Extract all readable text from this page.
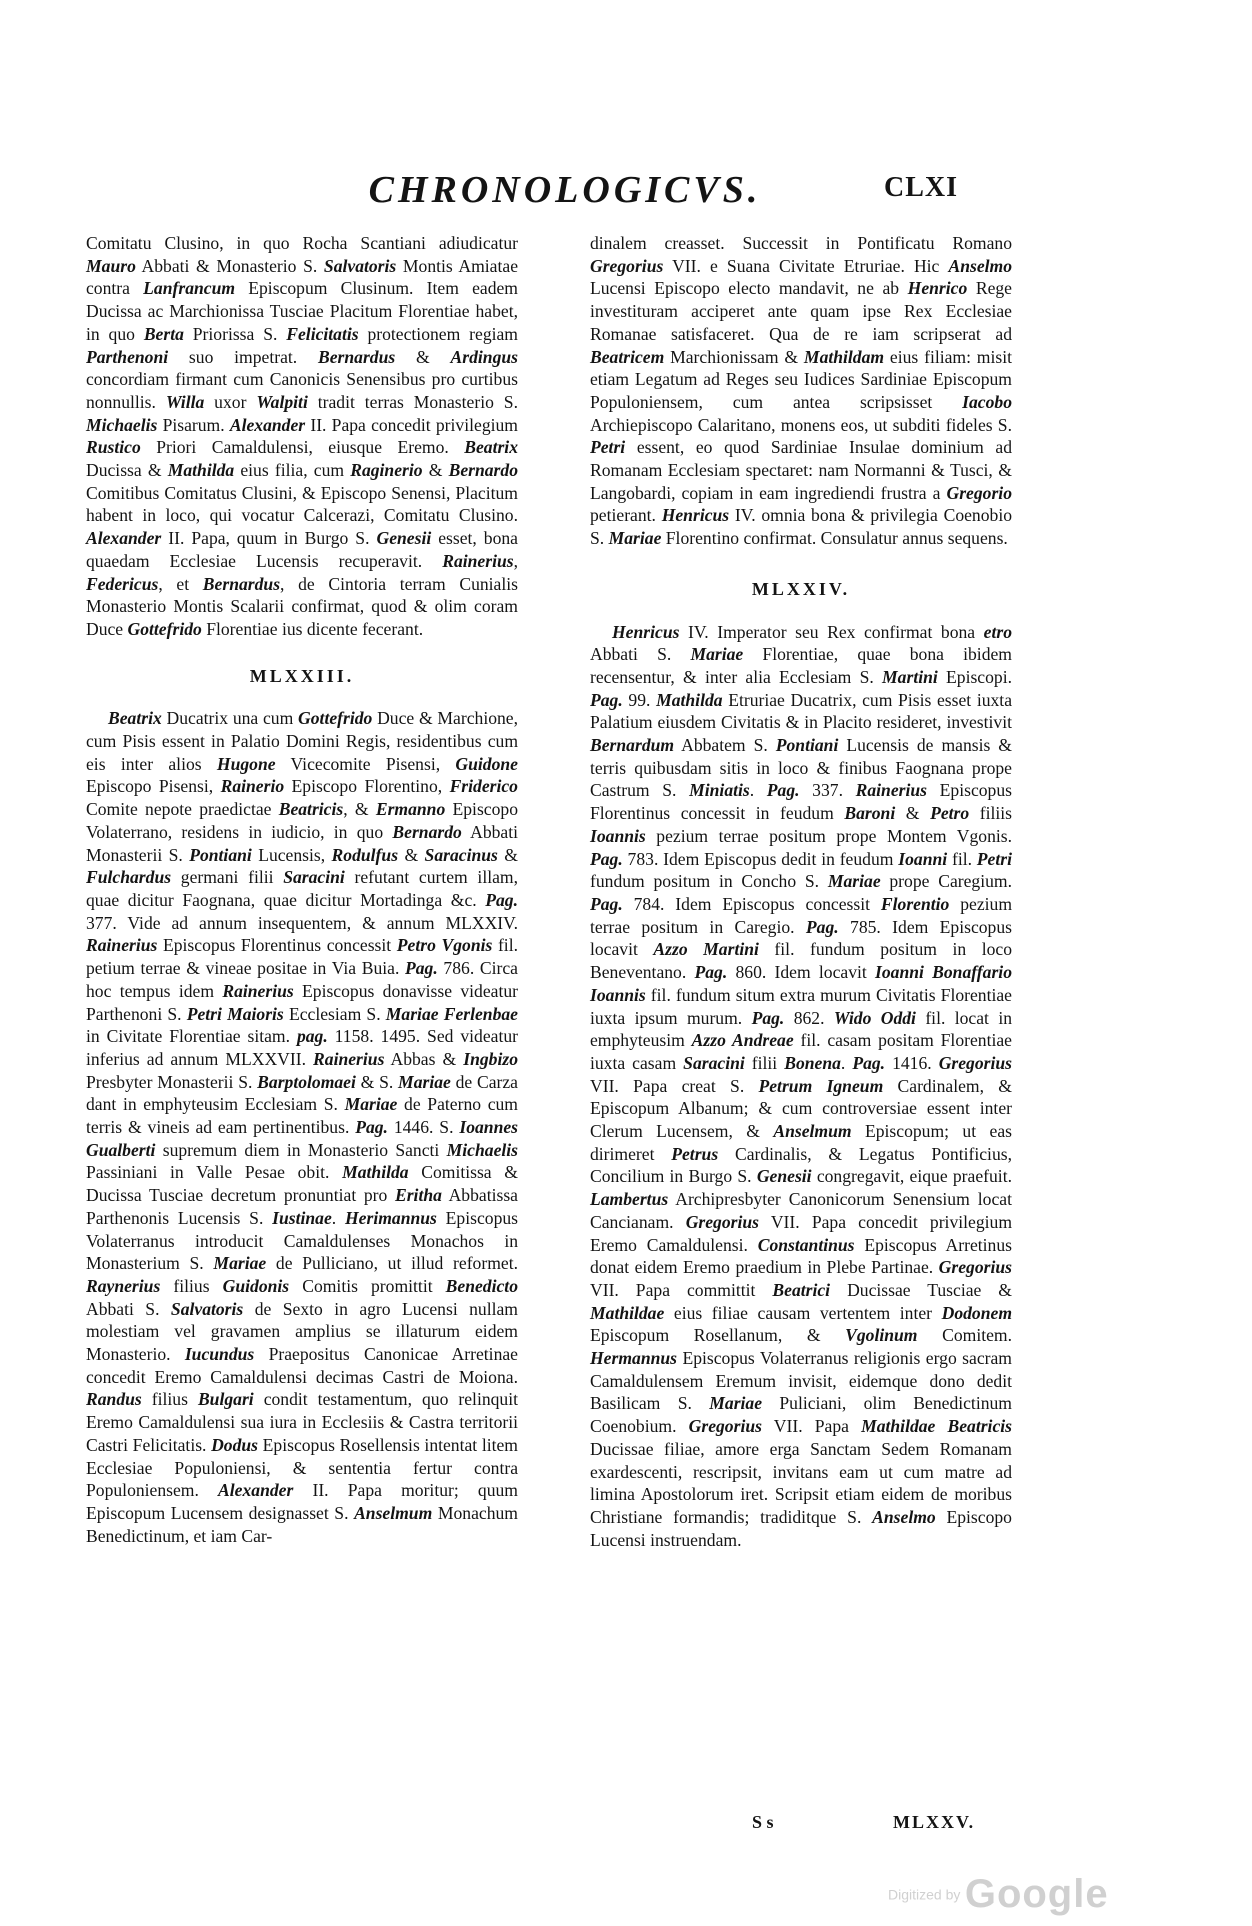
CHRONOLOGICVS.	CLXI

Comitatu Clusino, in quo Rocha Scantiani adiudicatur Mauro Abbati & Monasterio S. Salvatoris Montis Amiatae contra Lanfrancum Episcopum Clusinum. Item eadem Ducissa ac Marchionissa Tusciae Placitum Florentiae habet, in quo Berta Priorissa S. Felicitatis protectionem regiam Parthenoni suo impetrat. Bernardus & Ardingus concordiam firmant cum Canonicis Senensibus pro curtibus nonnullis. Willa uxor Walpiti tradit terras Monasterio S. Michaelis Pisarum. Alexander II. Papa concedit privilegium Rustico Priori Camaldulensi, eiusque Eremo. Beatrix Ducissa & Mathilda eius filia, cum Raginerio & Bernardo Comitibus Comitatus Clusini, & Episcopo Senensi, Placitum habent in loco, qui vocatur Calcerazi, Comitatu Clusino. Alexander II. Papa, quum in Burgo S. Genesii esset, bona quaedam Ecclesiae Lucensis recuperavit. Rainerius, Federicus, et Bernardus, de Cintoria terram Cunialis Monasterio Montis Scalarii confirmat, quod & olim coram Duce Gottefrido Florentiae ius dicente fecerant.

MLXXIII.

Beatrix Ducatrix una cum Gottefrido Duce & Marchione, cum Pisis essent in Palatio Domini Regis, residentibus cum eis inter alios Hugone Vicecomite Pisensi, Guidone Episcopo Pisensi, Rainerio Episcopo Florentino, Friderico Comite nepote praedictae Beatricis, & Ermanno Episcopo Volaterrano, residens in iudicio, in quo Bernardo Abbati Monasterii S. Pontiani Lucensis, Rodulfus & Saracinus & Fulchardus germani filii Saracini refutant curtem illam, quae dicitur Faognana, quae dicitur Mortadinga &c. Pag. 377. Vide ad annum insequentem, & annum MLXXIV. Rainerius Episcopus Florentinus concessit Petro Vgonis fil. petium terrae & vineae positae in Via Buia. Pag. 786. Circa hoc tempus idem Rainerius Episcopus donavisse videatur Parthenoni S. Petri Maioris Ecclesiam S. Mariae Ferlenbae in Civitate Florentiae sitam. pag. 1158. 1495. Sed videatur inferius ad annum MLXXVII. Rainerius Abbas & Ingbizo Presbyter Monasterii S. Barptolomaei & S. Mariae de Carza dant in emphyteusim Ecclesiam S. Mariae de Paterno cum terris & vineis ad eam pertinentibus. Pag. 1446. S. Ioannes Gualberti supremum diem in Monasterio Sancti Michaelis Passiniani in Valle Pesae obit. Mathilda Comitissa & Ducissa Tusciae decretum pronuntiat pro Eritha Abbatissa Parthenonis Lucensis S. Iustinae. Herimannus Episcopus Volaterranus introducit Camaldulenses Monachos in Monasterium S. Mariae de Pulliciano, ut illud reformet. Raynerius filius Guidonis Comitis promittit Benedicto Abbati S. Salvatoris de Sexto in agro Lucensi nullam molestiam vel gravamen amplius se illaturum eidem Monasterio. Iucundus Praepositus Canonicae Arretinae concedit Eremo Camaldulensi decimas Castri de Moiona. Randus filius Bulgari condit testamentum, quo relinquit Eremo Camaldulensi sua iura in Ecclesiis & Castra territorii Castri Felicitatis. Dodus Episcopus Rosellensis intentat litem Ecclesiae Populoniensi, & sententia fertur contra Populoniensem. Alexander II. Papa moritur; quum Episcopum Lucensem designasset S. Anselmum Monachum Benedictinum, et iam Car-

dinalem creasset. Successit in Pontificatu Romano Gregorius VII. e Suana Civitate Etruriae. Hic Anselmo Lucensi Episcopo electo mandavit, ne ab Henrico Rege investituram acciperet ante quam ipse Rex Ecclesiae Romanae satisfaceret. Qua de re iam scripserat ad Beatricem Marchionissam & Mathildam eius filiam: misit etiam Legatum ad Reges seu Iudices Sardiniae Episcopum Populoniensem, cum antea scripsisset Iacobo Archiepiscopo Calaritano, monens eos, ut subditi fideles S. Petri essent, eo quod Sardiniae Insulae dominium ad Romanam Ecclesiam spectaret: nam Normanni & Tusci, & Langobardi, copiam in eam ingrediendi frustra a Gregorio petierant. Henricus IV. omnia bona & privilegia Coenobio S. Mariae Florentino confirmat. Consulatur annus sequens.

MLXXIV.

Henricus IV. Imperator seu Rex confirmat bona etro Abbati S. Mariae Florentiae, quae bona ibidem recensentur, & inter alia Ecclesiam S. Martini Episcopi. Pag. 99. Mathilda Etruriae Ducatrix, cum Pisis esset iuxta Palatium eiusdem Civitatis & in Placito resideret, investivit Bernardum Abbatem S. Pontiani Lucensis de mansis & terris quibusdam sitis in loco & finibus Faognana prope Castrum S. Miniatis. Pag. 337. Rainerius Episcopus Florentinus concessit in feudum Baroni & Petro filiis Ioannis pezium terrae positum prope Montem Vgonis. Pag. 783. Idem Episcopus dedit in feudum Ioanni fil. Petri fundum positum in Concho S. Mariae prope Caregium. Pag. 784. Idem Episcopus concessit Florentio pezium terrae positum in Caregio. Pag. 785. Idem Episcopus locavit Azzo Martini fil. fundum positum in loco Beneventano. Pag. 860. Idem locavit Ioanni Bonaffario Ioannis fil. fundum situm extra murum Civitatis Florentiae iuxta ipsum murum. Pag. 862. Wido Oddi fil. locat in emphyteusim Azzo Andreae fil. casam positam Florentiae iuxta casam Saracini filii Bonena. Pag. 1416. Gregorius VII. Papa creat S. Petrum Igneum Cardinalem, & Episcopum Albanum; & cum controversiae essent inter Clerum Lucensem, & Anselmum Episcopum; ut eas dirimeret Petrus Cardinalis, & Legatus Pontificius, Concilium in Burgo S. Genesii congregavit, eique praefuit. Lambertus Archipresbyter Canonicorum Senensium locat Cancianam. Gregorius VII. Papa concedit privilegium Eremo Camaldulensi. Constantinus Episcopus Arretinus donat eidem Eremo praedium in Plebe Partinae. Gregorius VII. Papa committit Beatrici Ducissae Tusciae & Mathildae eius filiae causam vertentem inter Dodonem Episcopum Rosellanum, & Vgolinum Comitem. Hermannus Episcopus Volaterranus religionis ergo sacram Camaldulensem Eremum invisit, eidemque dono dedit Basilicam S. Mariae Puliciani, olim Benedictinum Coenobium. Gregorius VII. Papa Mathildae Beatricis Ducissae filiae, amore erga Sanctam Sedem Romanam exardescenti, rescripsit, invitans eam ut cum matre ad limina Apostolorum iret. Scripsit etiam eidem de moribus Christiane formandis; tradiditque S. Anselmo Episcopo Lucensi instruendam.

S s	MLXXV.
Digitized by Google
